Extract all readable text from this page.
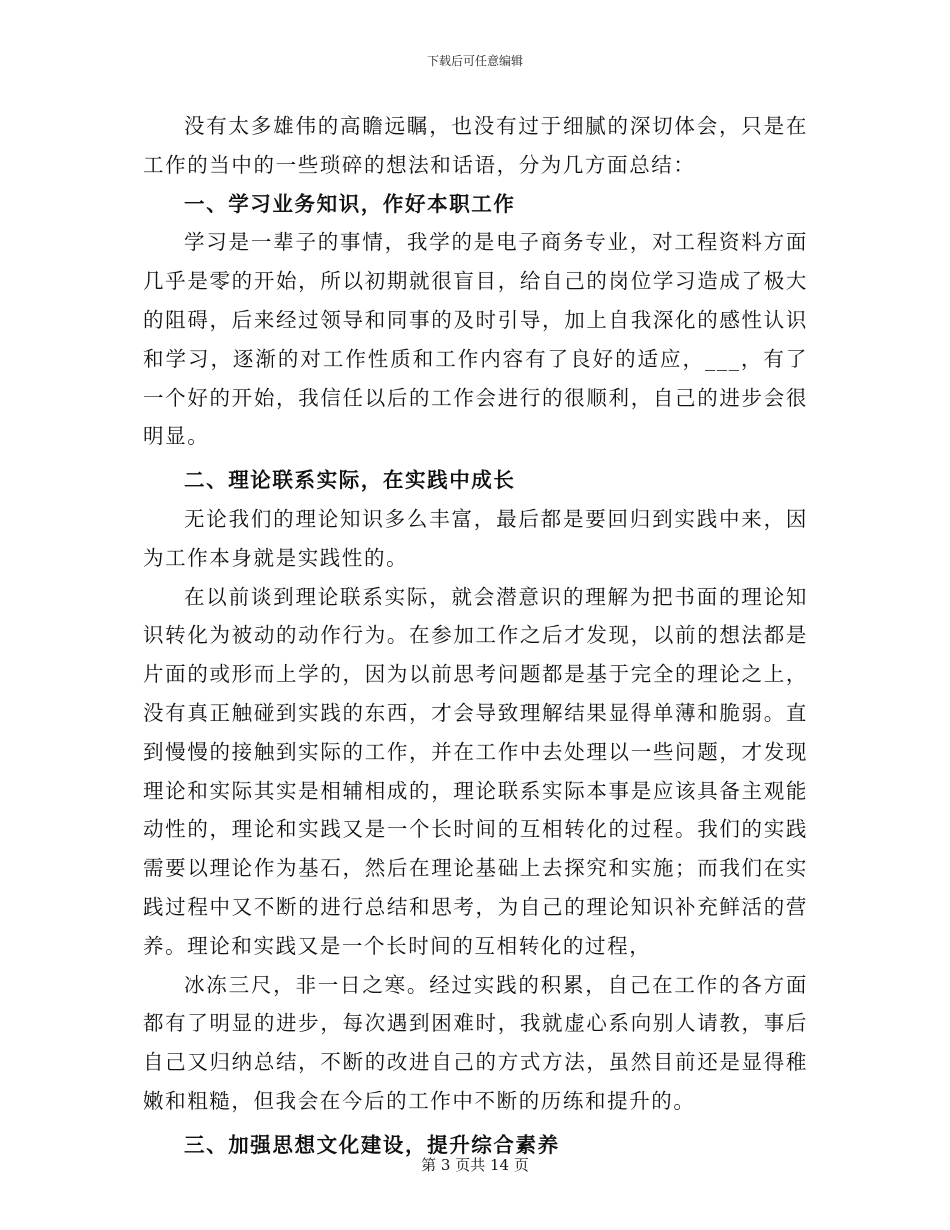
下载后可任意编辑

没有太多雄伟的高瞻远瞩，也没有过于细腻的深切体会，只是在工作的当中的一些琐碎的想法和话语，分为几方面总结：

一、学习业务知识，作好本职工作

学习是一辈子的事情，我学的是电子商务专业，对工程资料方面几乎是零的开始，所以初期就很盲目，给自己的岗位学习造成了极大的阻碍，后来经过领导和同事的及时引导，加上自我深化的感性认识和学习，逐渐的对工作性质和工作内容有了良好的适应，___，有了一个好的开始，我信任以后的工作会进行的很顺利，自己的进步会很明显。

二、理论联系实际，在实践中成长

无论我们的理论知识多么丰富，最后都是要回归到实践中来，因为工作本身就是实践性的。

在以前谈到理论联系实际，就会潜意识的理解为把书面的理论知识转化为被动的动作行为。在参加工作之后才发现，以前的想法都是片面的或形而上学的，因为以前思考问题都是基于完全的理论之上，没有真正触碰到实践的东西，才会导致理解结果显得单薄和脆弱。直到慢慢的接触到实际的工作，并在工作中去处理以一些问题，才发现理论和实际其实是相辅相成的，理论联系实际本事是应该具备主观能动性的，理论和实践又是一个长时间的互相转化的过程。我们的实践需要以理论作为基石，然后在理论基础上去探究和实施；而我们在实践过程中又不断的进行总结和思考，为自己的理论知识补充鲜活的营养。理论和实践又是一个长时间的互相转化的过程，

冰冻三尺，非一日之寒。经过实践的积累，自己在工作的各方面都有了明显的进步，每次遇到困难时，我就虚心系向别人请教，事后自己又归纳总结，不断的改进自己的方式方法，虽然目前还是显得稚嫩和粗糙，但我会在今后的工作中不断的历练和提升的。

三、加强思想文化建设，提升综合素养
第 3 页共 14 页
